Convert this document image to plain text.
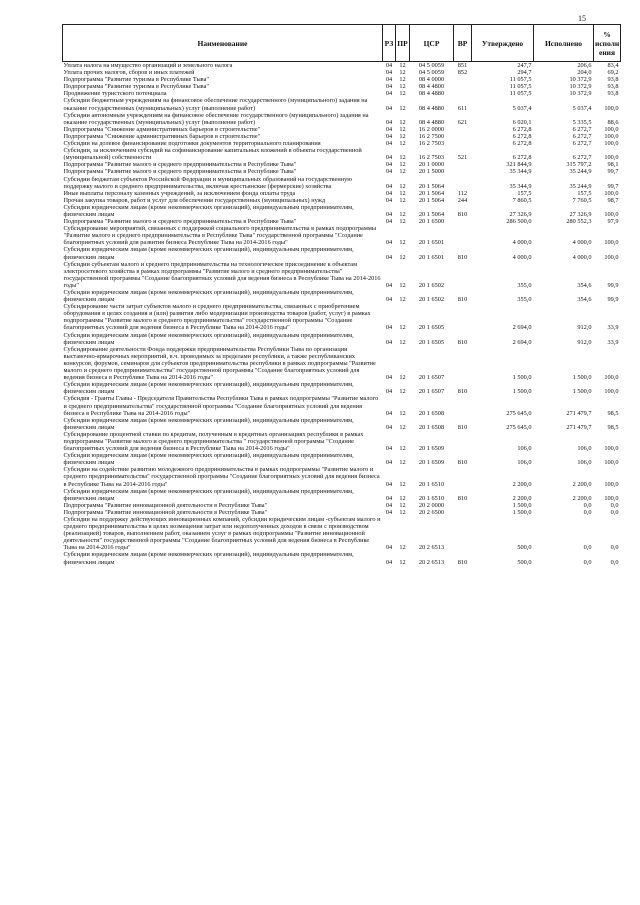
15
Наименование	РЗ	ПР	ЦСР	ВР	Утверждено	Исполнено	% исполн ения
Уплата налога на имущество организаций и земельного налога	04	12	04 5 0059	851	247,7	206,6	83,4
Уплата прочих налогов, сборов и иных платежей	04	12	04 5 0059	852	294,7	204,0	69,2
Подпрограмма "Развитие туризма в Республике Тыва"	04	12	08 4 0000		11 057,5	10 372,9	93,8
Подпрограмма "Развитие туризма в Республике Тыва"	04	12	08 4 4800		11 057,5	10 372,9	93,8
Продвижение туристского потенциала	04	12	08 4 4880		11 057,5	10 372,9	93,8
Субсидии бюджетным учреждениям на финансовое обеспечение государственного (муниципального) задания на оказание государственных (муниципальных) услуг (выполнение работ)	04	12	08 4 4880	611	5 037,4	5 037,4	100,0
Субсидии автономным учреждениям на финансовое обеспечение государственного (муниципального) задания на оказание государственных (муниципальных) услуг (выполнение работ)	04	12	08 4 4880	621	6 020,1	5 335,5	88,6
Подпрограмма "Снижение административных барьеров в строительстве"	04	12	16 2 0000		6 272,8	6 272,7	100,0
Подпрограмма "Снижение административных барьеров в строительстве"	04	12	16 2 7500		6 272,8	6 272,7	100,0
Субсидии на долевое финансирование подготовки документов территориального планирования	04	12	16 2 7503		6 272,8	6 272,7	100,0
Субсидии, за исключением субсидий на софинансирование капитальных вложений в объекты государственной (муниципальной) собственности	04	12	16 2 7503	521	6 272,8	6 272,7	100,0
Подпрограмма "Развитие малого и среднего предпринимательства в Республике Тыва"	04	12	20 1 0000		321 844,9	315 797,2	98,1
Подпрограмма "Развитие малого и среднего предпринимательства в Республике Тыва"	04	12	20 1 5000		35 344,9	35 244,9	99,7
Субсидии бюджетам субъектов Российской Федерации и муниципальных образований на государственную поддержку малого и среднего предпринимательства, включая крестьянские (фермерские) хозяйства	04	12	20 1 5064		35 344,9	35 244,9	99,7
Иные выплаты персоналу казенных учреждений, за исключением фонда оплаты труда	04	12	20 1 5064	112	157,5	157,5	100,0
Прочая закупка товаров, работ и услуг для обеспечения государственных (муниципальных) нужд	04	12	20 1 5064	244	7 860,5	7 760,5	98,7
Субсидии юридическим лицам (кроме некоммерческих организаций), индивидуальным предпринимателям, физическим лицам	04	12	20 1 5064	810	27 326,9	27 326,9	100,0
Подпрограмма "Развитие малого и среднего предпринимательства в Республике Тыва"	04	12	20 1 6500		286 500,0	280 552,3	97,9
Субсидирование мероприятий, связанных с поддержкой социального предпринимательства в рамках подпрограммы "Развитие малого и среднего предпринимательства в Республике Тыва" государственной программы "Создание благоприятных условий для развития бизнеса Республике Тыва на 2014-2016 годы"	04	12	20 1 6501		4 000,0	4 000,0	100,0
Субсидии юридическим лицам (кроме некоммерческих организаций), индивидуальным предпринимателям, физическим лицам	04	12	20 1 6501	810	4 000,0	4 000,0	100,0
Субсидии субъектам малого и среднего предпринимательства на технологическое присоединение к объектам электросетевого хозяйства в рамках подпрограммы "Развитие малого и среднего предпринимательства" государственной программы "Создание благоприятных условий для ведения бизнеса в Республике Тыва на 2014-2016 годы"	04	12	20 1 6502		355,0	354,6	99,9
Субсидии юридическим лицам (кроме некоммерческих организаций), индивидуальным предпринимателям, физическим лицам	04	12	20 1 6502	810	355,0	354,6	99,9
Субсидирование части затрат субъектов малого и среднего предпринимательства, связанных с приобретением оборудования в целях создания и (или) развития либо модернизации производства товаров (работ, услуг) в рамках подпрограммы "Развитие малого и среднего предпринимательства" государственной программы "Создание благоприятных условий для ведения бизнеса в Республике Тыва на 2014-2016 годы"	04	12	20 1 6505		2 694,0	912,0	33,9
Субсидии юридическим лицам (кроме некоммерческих организаций), индивидуальным предпринимателям, физическим лицам	04	12	20 1 6505	810	2 694,0	912,0	33,9
Субсидирование деятельности Фонда поддержки предпринимательства Республики Тыва по организации выставочно-ярмарочных мероприятий, в.ч. проводимых за пределами республики, а также республиканских конкурсов, форумов, семинаров для субъектов предпринимательства республики в рамках подпрограммы "Развитие малого и среднего предпринимательства" государственной программы "Создание благоприятных условий для ведения бизнеса в Республике Тыва на 2014-2016 годы"	04	12	20 1 6507		1 500,0	1 500,0	100,0
Субсидии юридическим лицам (кроме некоммерческих организаций), индивидуальным предпринимателям, физическим лицам	04	12	20 1 6507	810	1 500,0	1 500,0	100,0
Субсидия - Гранты Главы - Председателя Правительства Республики Тыва в рамках подпрограммы "Развитие малого и среднего предпринимательства" государственной программы "Создание благоприятных условий для ведения бизнеса в Республике Тыва на 2014-2016 годы"	04	12	20 1 6508		275 645,0	271 479,7	98,5
Субсидии юридическим лицам (кроме некоммерческих организаций), индивидуальным предпринимателям, физическим лицам	04	12	20 1 6508	810	275 645,0	271 479,7	98,5
Субсидирование процентной ставки по кредитам, полученным в кредитных организациях республики в рамках подпрограммы "Развитие малого и среднего предпринимательства " государственной программы "Создание благоприятных условий для ведения бизнеса в Республике Тыва на 2014-2016 годы"	04	12	20 1 6509		106,0	106,0	100,0
Субсидии юридическим лицам (кроме некоммерческих организаций), индивидуальным предпринимателям, физическим лицам	04	12	20 1 6509	810	106,0	106,0	100,0
Субсидии на содействие развитию молодежного предпринимательства в рамках подпрограммы "Развитие малого и среднего предпринимательства" государственной программы "Создание благоприятных условий для ведения бизнеса в Республике Тыва на 2014-2016 годы"	04	12	20 1 6510		2 200,0	2 200,0	100,0
Субсидии юридическим лицам (кроме некоммерческих организаций), индивидуальным предпринимателям, физическим лицам	04	12	20 1 6510	810	2 200,0	2 200,0	100,0
Подпрограмма "Развитие инновационной деятельности в Республике Тыва"	04	12	20 2 0000		1 500,0	0,0	0,0
Подпрограмма "Развитие инновационной деятельности в Республике Тыва"	04	12	20 2 6500		1 500,0	0,0	0,0
Субсидии на поддержку действующих инновационных компаний, субсидии юридическим лицам -субъектам малого и среднего предпринимательства в целях возмещения затрат или недополученных доходов в связи с производством (реализацией) товаров, выполнением работ, оказанием услуг в рамках подпрограммы "Развитие инновационной деятельности" государственной программы "Создание благоприятных условий для ведения бизнеса в Республике Тыва на 2014-2016 годы"	04	12	20 2 6513		500,0	0,0	0,0
Субсидии юридическим лицам (кроме некоммерческих организаций), индивидуальным предпринимателям, физическим лицам	04	12	20 2 6513	810	500,0	0,0	0,0
